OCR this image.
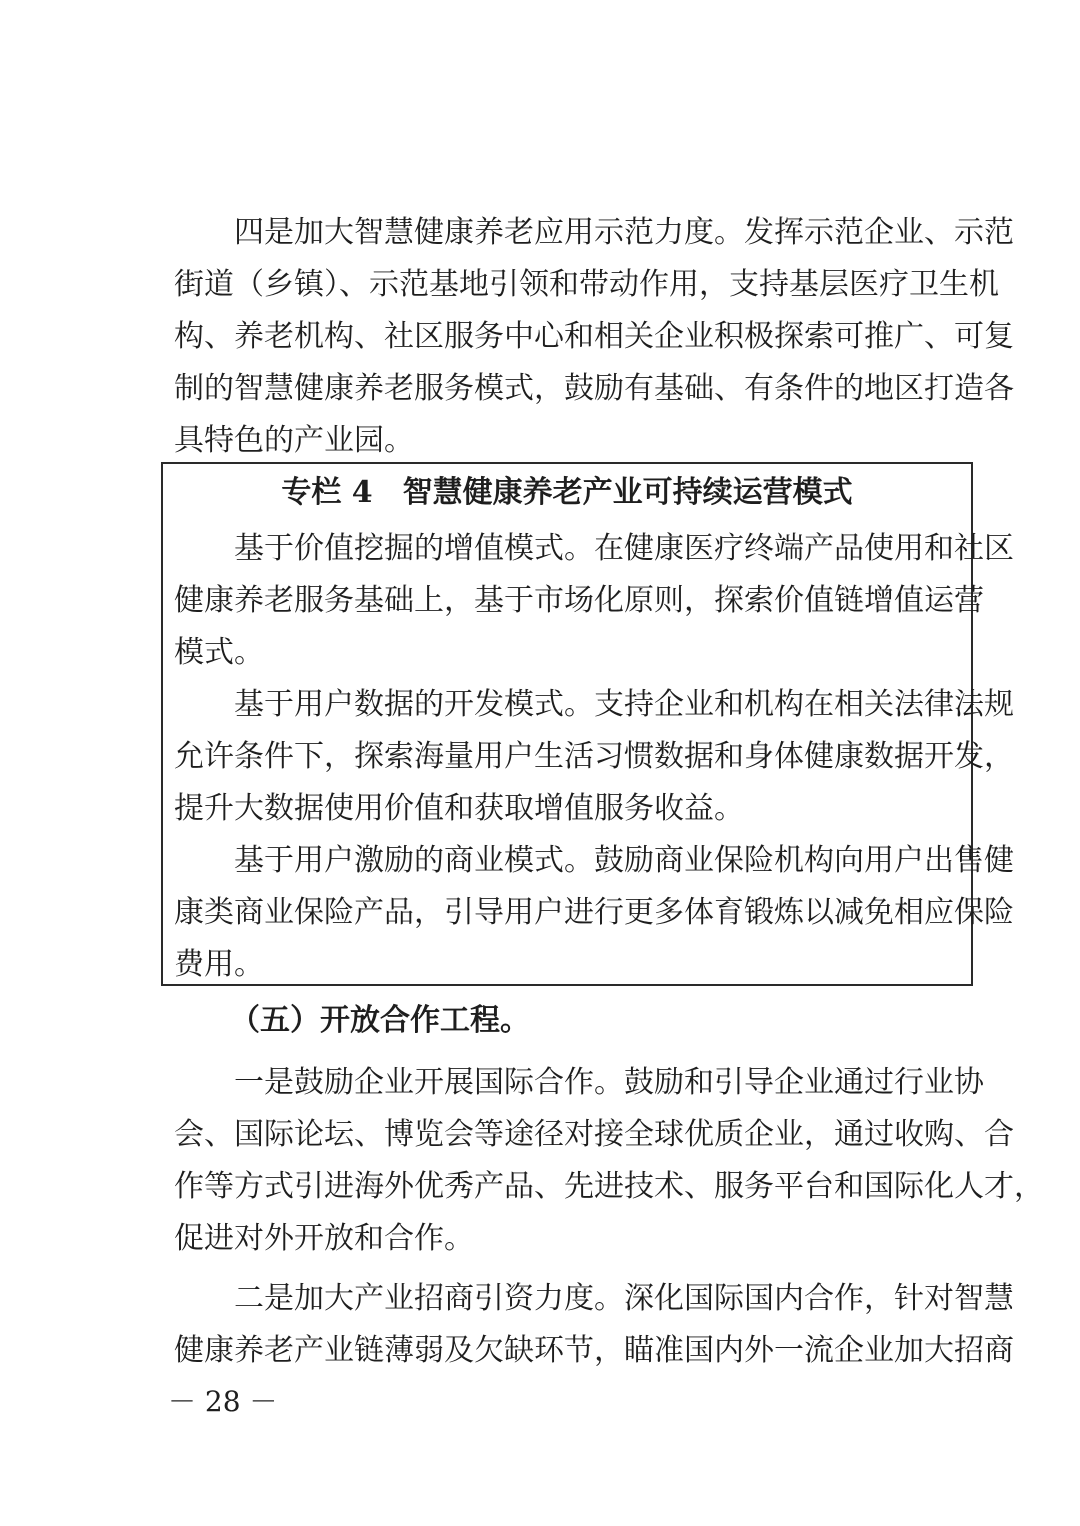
四是加大智慧健康养老应用示范力度。发挥示范企业、示范
街道（乡镇）、示范基地引领和带动作用，支持基层医疗卫生机
构、养老机构、社区服务中心和相关企业积极探索可推广、可复
制的智慧健康养老服务模式，鼓励有基础、有条件的地区打造各
具特色的产业园。
专栏 4　智慧健康养老产业可持续运营模式
基于价值挖掘的增值模式。在健康医疗终端产品使用和社区
健康养老服务基础上，基于市场化原则，探索价值链增值运营
模式。
基于用户数据的开发模式。支持企业和机构在相关法律法规
允许条件下，探索海量用户生活习惯数据和身体健康数据开发，
提升大数据使用价值和获取增值服务收益。
基于用户激励的商业模式。鼓励商业保险机构向用户出售健
康类商业保险产品，引导用户进行更多体育锻炼以减免相应保险
费用。
（五）开放合作工程。
一是鼓励企业开展国际合作。鼓励和引导企业通过行业协
会、国际论坛、博览会等途径对接全球优质企业，通过收购、合
作等方式引进海外优秀产品、先进技术、服务平台和国际化人才，
促进对外开放和合作。
二是加大产业招商引资力度。深化国际国内合作，针对智慧
健康养老产业链薄弱及欠缺环节，瞄准国内外一流企业加大招商
－ 28 －
